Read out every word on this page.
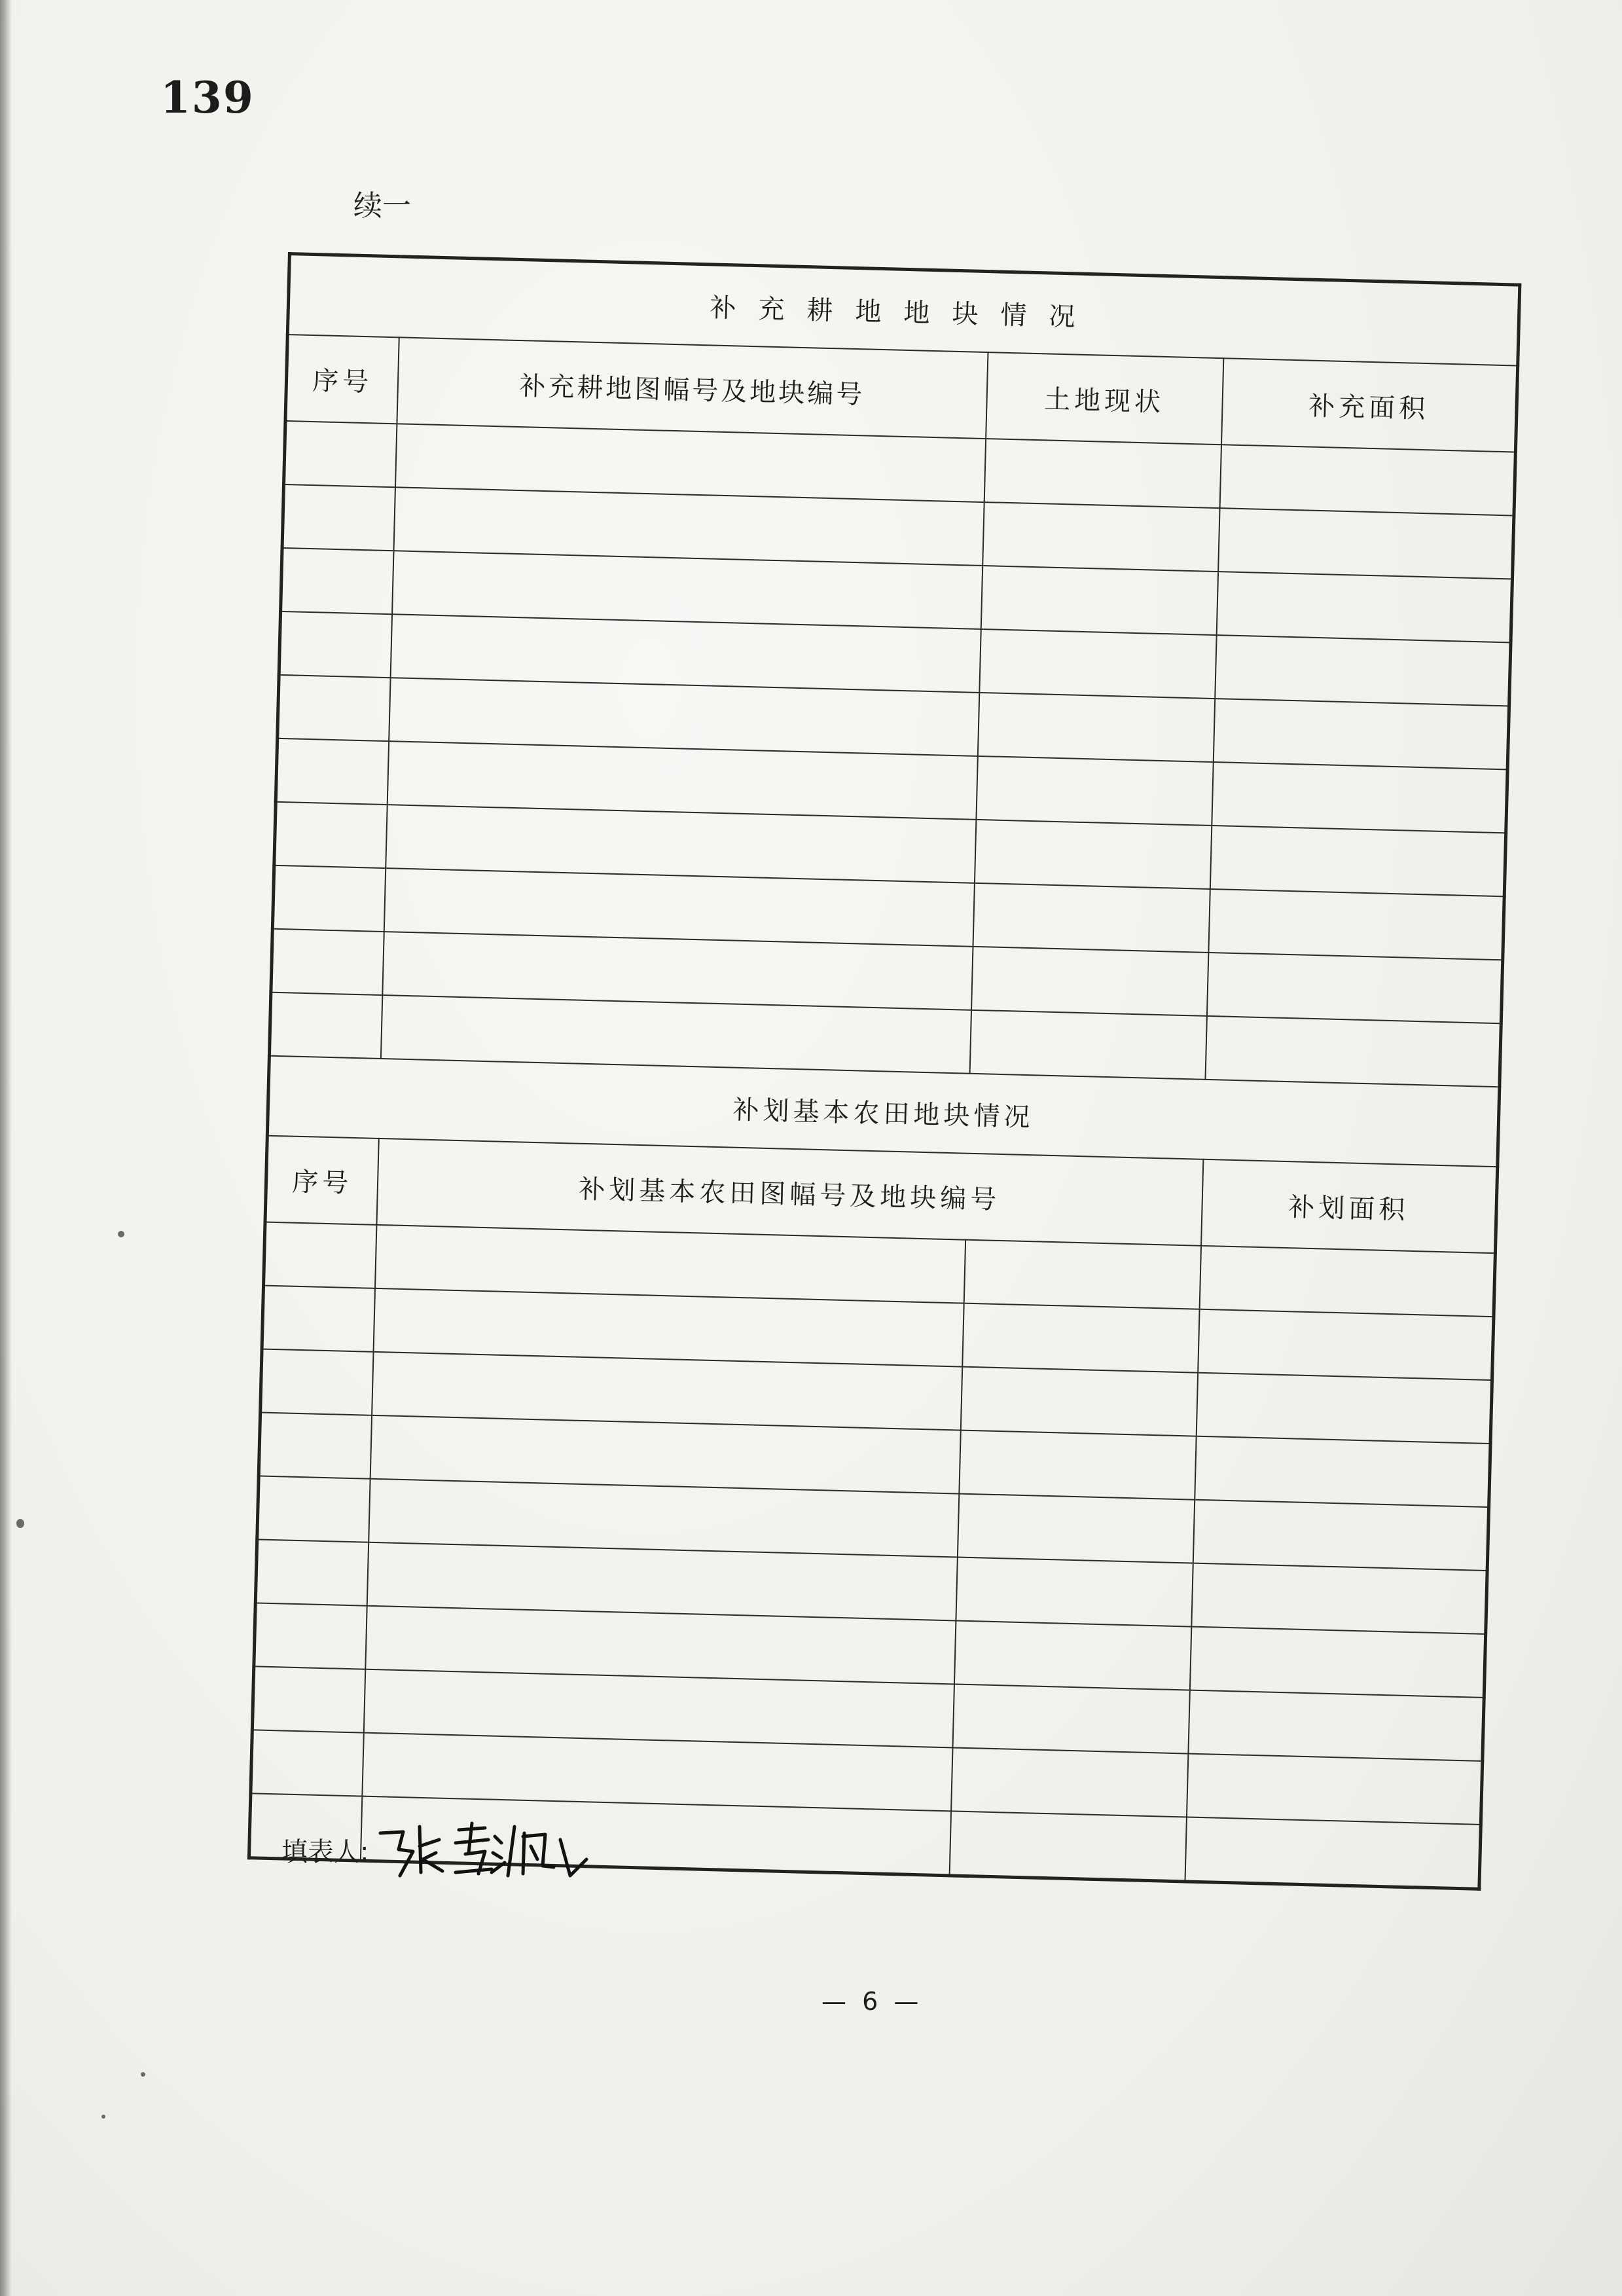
139
续一
补充耕地地块情况			
序号	补充耕地图幅号及地块编号	土地现状	补充面积

补划基本农田地块情况			
序号	补划基本农田图幅号及地块编号		补划面积

填表人:
— 6 —
